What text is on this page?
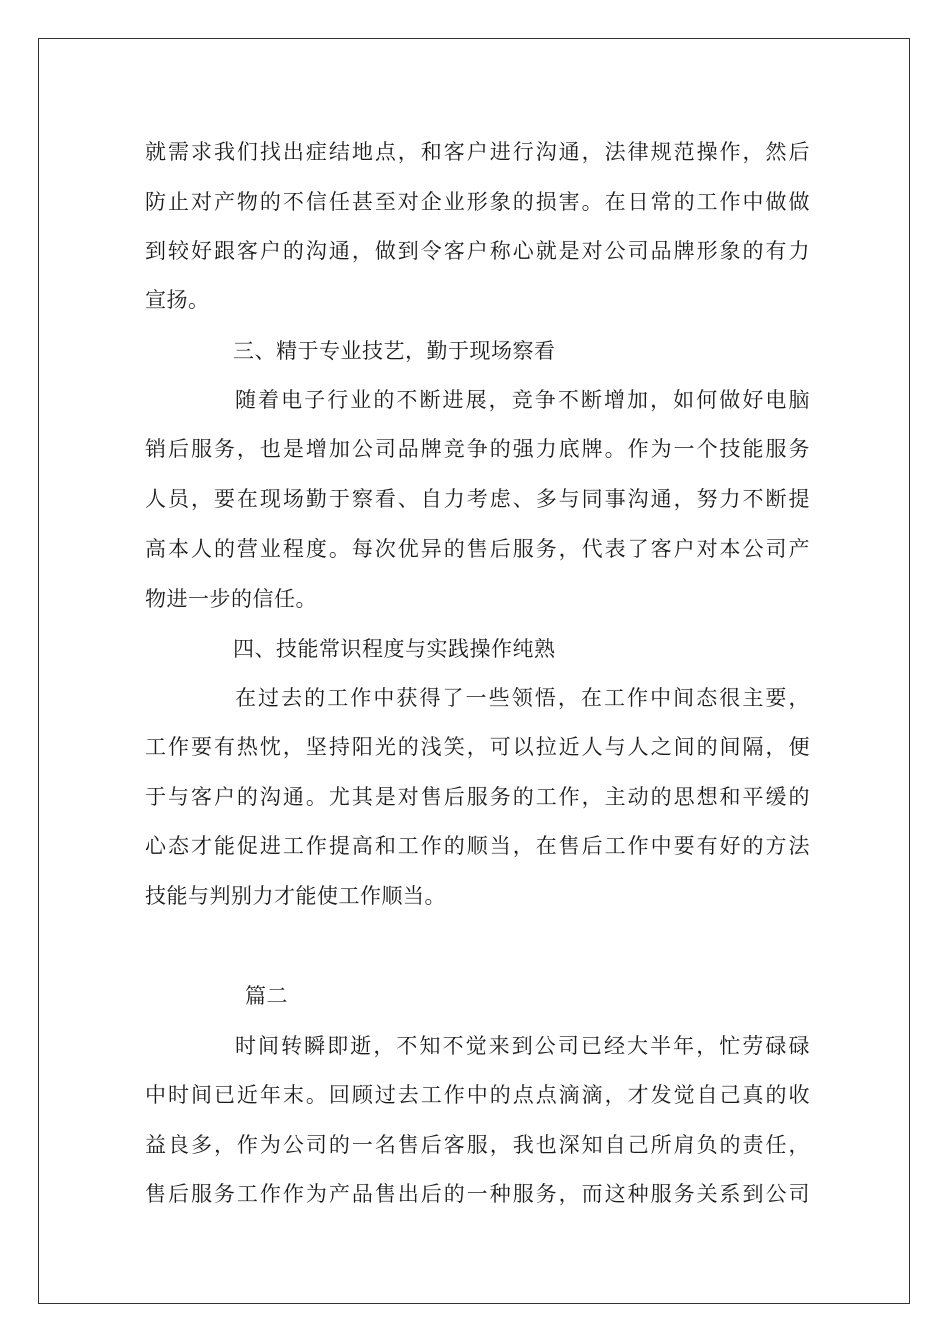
就需求我们找出症结地点，和客户进行沟通，法律规范操作，然后
防止对产物的不信任甚至对企业形象的损害。在日常的工作中做做
到较好跟客户的沟通，做到令客户称心就是对公司品牌形象的有力
宣扬。
三、精于专业技艺，勤于现场察看
随着电子行业的不断进展，竞争不断增加，如何做好电脑
销后服务，也是增加公司品牌竞争的强力底牌。作为一个技能服务
人员，要在现场勤于察看、自力考虑、多与同事沟通，努力不断提
高本人的营业程度。每次优异的售后服务，代表了客户对本公司产
物进一步的信任。
四、技能常识程度与实践操作纯熟
在过去的工作中获得了一些领悟，在工作中间态很主要，
工作要有热忱，坚持阳光的浅笑，可以拉近人与人之间的间隔，便
于与客户的沟通。尤其是对售后服务的工作，主动的思想和平缓的
心态才能促进工作提高和工作的顺当，在售后工作中要有好的方法
技能与判别力才能使工作顺当。
篇二
时间转瞬即逝，不知不觉来到公司已经大半年，忙劳碌碌
中时间已近年末。回顾过去工作中的点点滴滴，才发觉自己真的收
益良多，作为公司的一名售后客服，我也深知自己所肩负的责任，
售后服务工作作为产品售出后的一种服务，而这种服务关系到公司
